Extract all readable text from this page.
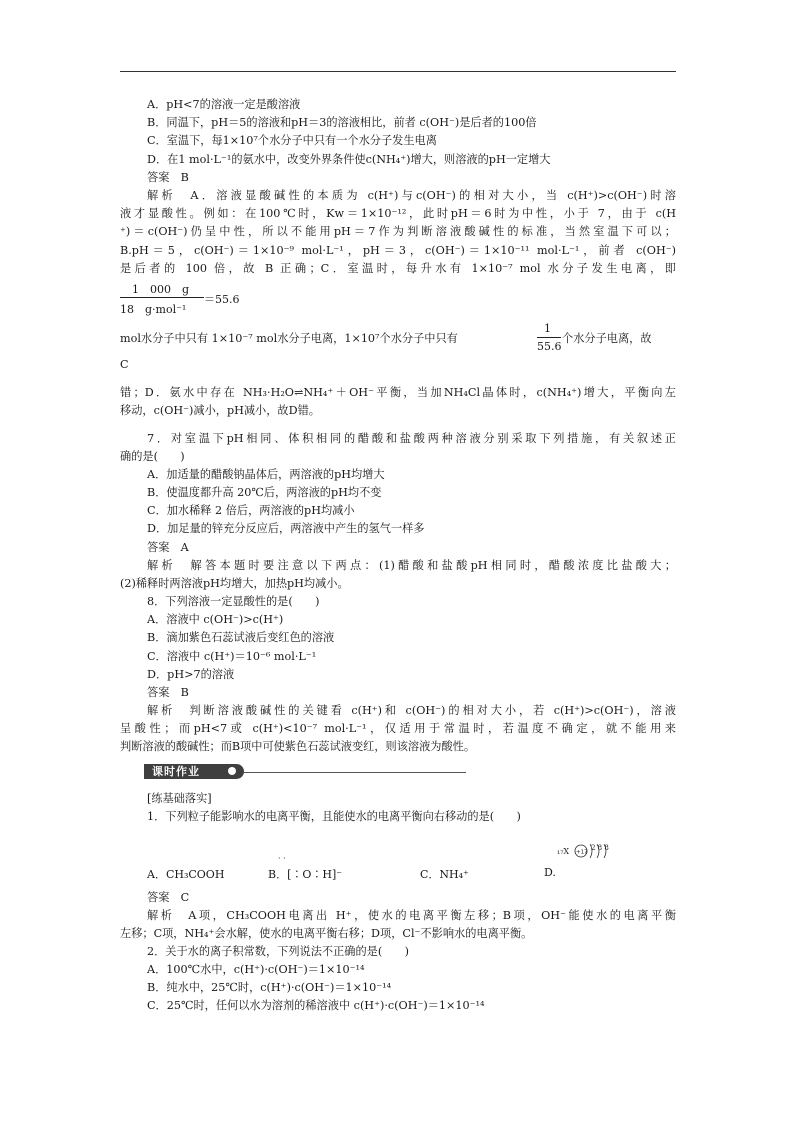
A．pH<7的溶液一定是酸溶液
B．同温下，pH＝5的溶液和pH＝3的溶液相比，前者 c(OH⁻)是后者的100倍
C．室温下，每1×10⁷个水分子中只有一个水分子发生电离
D．在1 mol·L⁻¹的氨水中，改变外界条件使c(NH₄⁺)增大，则溶液的pH一定增大
答案　B
解析　A．溶液显酸碱性的本质为 c(H⁺)与c(OH⁻)的相对大小，当 c(H⁺)>c(OH⁻)时溶
液才显酸性。例如：在100℃时，Kw＝1×10⁻¹²，此时pH＝6时为中性，小于 7，由于 c(H
⁺)＝c(OH⁻)仍呈中性，所以不能用pH＝7作为判断溶液酸碱性的标准，当然室温下可以；
B.pH＝5，c(OH⁻)＝1×10⁻⁹ mol·L⁻¹，pH＝3，c(OH⁻)＝1×10⁻¹¹ mol·L⁻¹，前者 c(OH⁻)
是后者的 100 倍，故 B 正确；C．室温时，每升水有 1×10⁻⁷ mol 水分子发生电离，即
1　000　g
18　g·mol⁻¹
＝55.6
mol水分子中只有 1×10⁻⁷ mol水分子电离，1×10⁷个水分子中只有
1
55.6
个水分子电离，故
C
错；D．氨水中存在 NH₃·H₂O⇌NH₄⁺＋OH⁻平衡，当加NH₄Cl晶体时，c(NH₄⁺)增大，平衡向左
移动，c(OH⁻)减小，pH减小，故D错。
7．对室温下pH相同、体积相同的醋酸和盐酸两种溶液分别采取下列措施，有关叙述正
确的是(　　)
A．加适量的醋酸钠晶体后，两溶液的pH均增大
B．使温度都升高 20℃后，两溶液的pH均不变
C．加水稀释 2 倍后，两溶液的pH均减小
D．加足量的锌充分反应后，两溶液中产生的氢气一样多
答案　A
解析　解答本题时要注意以下两点：(1)醋酸和盐酸pH相同时，醋酸浓度比盐酸大；
(2)稀释时两溶液pH均增大，加热pH均减小。
8．下列溶液一定显酸性的是(　　)
A．溶液中 c(OH⁻)>c(H⁺)
B．滴加紫色石蕊试液后变红色的溶液
C．溶液中 c(H⁺)＝10⁻⁶ mol·L⁻¹
D．pH>7的溶液
答案　B
解析　判断溶液酸碱性的关键看 c(H⁺)和 c(OH⁻)的相对大小，若 c(H⁺)>c(OH⁻)，溶液
呈酸性；而pH<7或 c(H⁺)<10⁻⁷ mol·L⁻¹，仅适用于常温时，若温度不确定，就不能用来
判断溶液的酸碱性；而B项中可使紫色石蕊试液变红，则该溶液为酸性。
课时作业
[练基础落实]
1．下列粒子能影响水的电离平衡，且能使水的电离平衡向右移动的是(　　)
A．CH₃COOH
· ·
B．[∶O∶H]⁻	C．NH₄⁺	D.
₁₇X +17
2 8 8
答案　C
解析　A项，CH₃COOH电离出 H⁺，使水的电离平衡左移；B项，OH⁻能使水的电离平衡
左移；C项，NH₄⁺会水解，使水的电离平衡右移；D项，Cl⁻不影响水的电离平衡。
2．关于水的离子积常数，下列说法不正确的是(　　)
A．100℃水中，c(H⁺)·c(OH⁻)＝1×10⁻¹⁴
B．纯水中，25℃时，c(H⁺)·c(OH⁻)＝1×10⁻¹⁴
C．25℃时，任何以水为溶剂的稀溶液中 c(H⁺)·c(OH⁻)＝1×10⁻¹⁴
